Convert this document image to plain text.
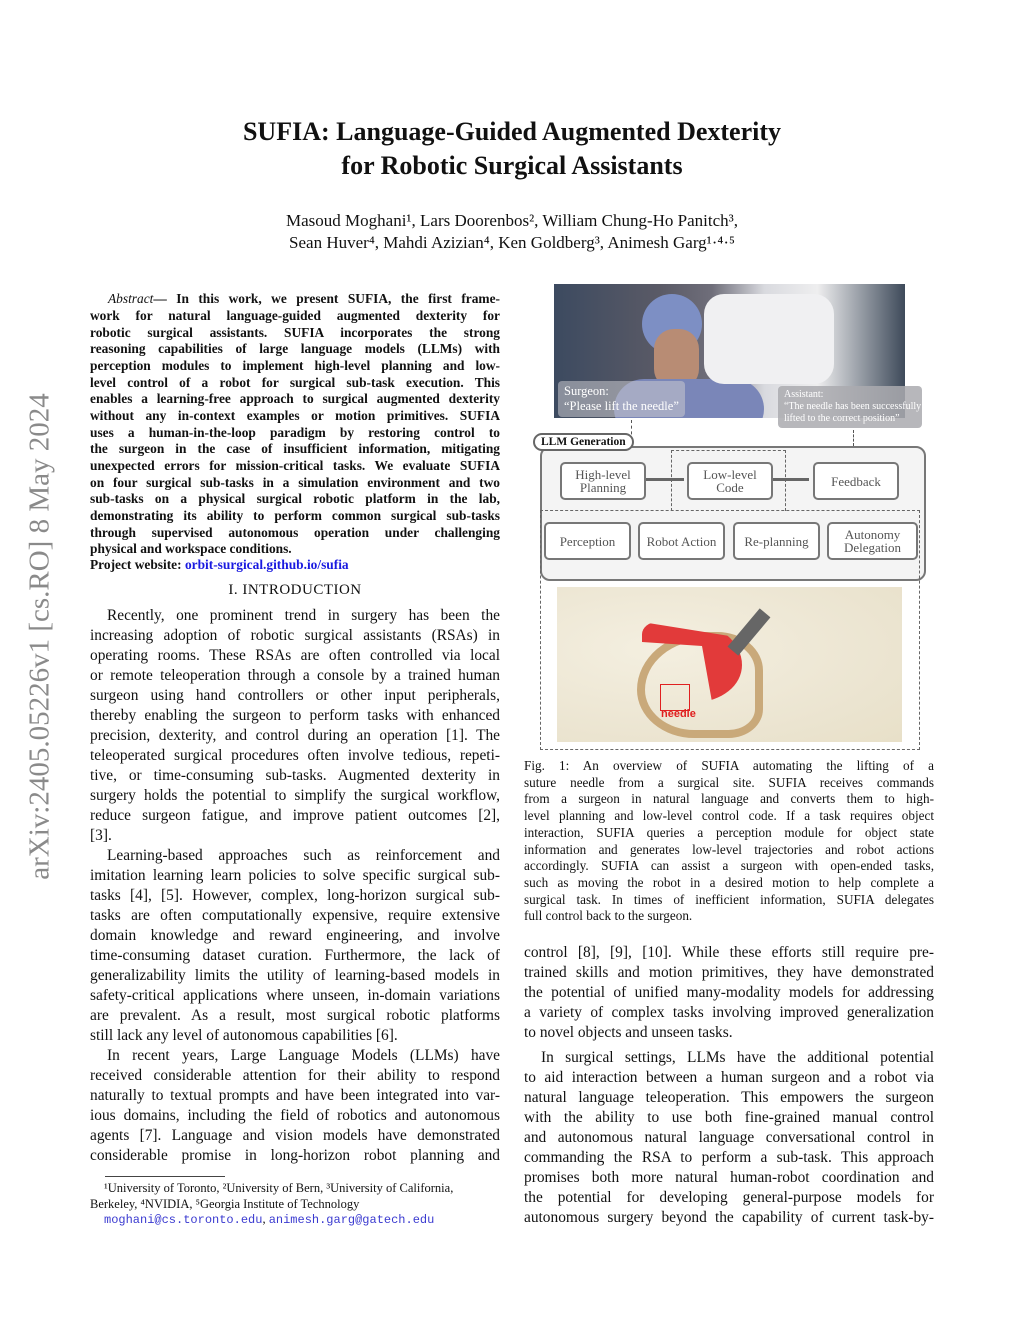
arXiv:2405.05226v1 [cs.RO] 8 May 2024
SUFIA: Language-Guided Augmented Dexterity
for Robotic Surgical Assistants
Masoud Moghani¹, Lars Doorenbos², William Chung-Ho Panitch³,
Sean Huver⁴, Mahdi Azizian⁴, Ken Goldberg³, Animesh Garg¹·⁴·⁵
Abstract — In this work, we present SUFIA, the first frame-
work for natural language-guided augmented dexterity for
robotic surgical assistants. SUFIA incorporates the strong
reasoning capabilities of large language models (LLMs) with
perception modules to implement high-level planning and low-
level control of a robot for surgical sub-task execution. This
enables a learning-free approach to surgical augmented dexterity
without any in-context examples or motion primitives. SUFIA
uses a human-in-the-loop paradigm by restoring control to
the surgeon in the case of insufficient information, mitigating
unexpected errors for mission-critical tasks. We evaluate SUFIA
on four surgical sub-tasks in a simulation environment and two
sub-tasks on a physical surgical robotic platform in the lab,
demonstrating its ability to perform common surgical sub-tasks
through supervised autonomous operation under challenging
physical and workspace conditions.
Project website: orbit-surgical.github.io/sufia
I. INTRODUCTION
Recently, one prominent trend in surgery has been the
increasing adoption of robotic surgical assistants (RSAs) in
operating rooms. These RSAs are often controlled via local
or remote teleoperation through a console by a trained human
surgeon using hand controllers or other input peripherals,
thereby enabling the surgeon to perform tasks with enhanced
precision, dexterity, and control during an operation [1]. The
teleoperated surgical procedures often involve tedious, repeti-
tive, or time-consuming sub-tasks. Augmented dexterity in
surgery holds the potential to simplify the surgical workflow,
reduce surgeon fatigue, and improve patient outcomes [2],
[3].
Learning-based approaches such as reinforcement and
imitation learning learn policies to solve specific surgical sub-
tasks [4], [5]. However, complex, long-horizon surgical sub-
tasks are often computationally expensive, require extensive
domain knowledge and reward engineering, and involve
time-consuming dataset curation. Furthermore, the lack of
generalizability limits the utility of learning-based models in
safety-critical applications where unseen, in-domain variations
are prevalent. As a result, most surgical robotic platforms
still lack any level of autonomous capabilities [6].
In recent years, Large Language Models (LLMs) have
received considerable attention for their ability to respond
naturally to textual prompts and have been integrated into var-
ious domains, including the field of robotics and autonomous
agents [7]. Language and vision models have demonstrated
considerable promise in long-horizon robot planning and
¹University of Toronto, ²University of Bern, ³University of California,
Berkeley, ⁴NVIDIA, ⁵Georgia Institute of Technology
moghani@cs.toronto.edu, animesh.garg@gatech.edu
Surgeon:
“Please lift the needle”
Assistant:
“The needle has been successfully
lifted to the correct position”
LLM Generation
High-level Planning
Low-level Code	Feedback
Perception	Robot Action	Re-planning	Autonomy Delegation
needle
Fig. 1: An overview of SUFIA automating the lifting of a
suture needle from a surgical site. SUFIA receives commands
from a surgeon in natural language and converts them to high-
level planning and low-level control code. If a task requires object
interaction, SUFIA queries a perception module for object state
information and generates low-level trajectories and robot actions
accordingly. SUFIA can assist a surgeon with open-ended tasks,
such as moving the robot in a desired motion to help complete a
surgical task. In times of inefficient information, SUFIA delegates
full control back to the surgeon.
control [8], [9], [10]. While these efforts still require pre-
trained skills and motion primitives, they have demonstrated
the potential of unified many-modality models for addressing
a variety of complex tasks involving improved generalization
to novel objects and unseen tasks.
In surgical settings, LLMs have the additional potential
to aid interaction between a human surgeon and a robot via
natural language teleoperation. This empowers the surgeon
with the ability to use both fine-grained manual control
and autonomous natural language conversational control in
commanding the RSA to perform a sub-task. This approach
promises both more natural human-robot coordination and
the potential for developing general-purpose models for
autonomous surgery beyond the capability of current task-by-
